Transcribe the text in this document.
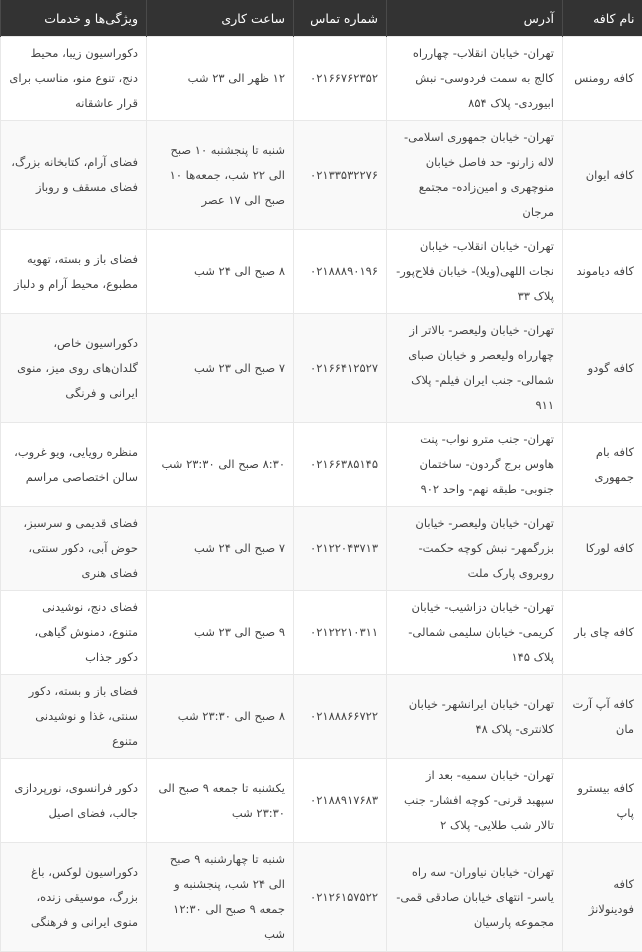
نام کافه	آدرس	شماره تماس	ساعت کاری	ویژگی‌ها و خدمات
کافه رومنس	تهران- خیابان انقلاب- چهارراه کالج به سمت فردوسی- نبش ابیوردی- پلاک ۸۵۴	۰۲۱۶۶۷۶۲۳۵۲	۱۲ ظهر الی ۲۳ شب	دکوراسیون زیبا، محیط دنج، تنوع منو، مناسب برای قرار عاشقانه
کافه ایوان	تهران- خیابان جمهوری اسلامی- لاله زارنو- حد فاصل خیابان منوچهری و امین‌زاده- مجتمع مرجان	۰۲۱۳۳۵۳۲۲۷۶	شنبه تا پنجشنبه ۱۰ صبح الی ۲۲ شب، جمعه‌ها ۱۰ صبح الی ۱۷ عصر	فضای آرام، کتابخانه بزرگ، فضای مسقف و روباز
کافه دیاموند	تهران- خیابان انقلاب- خیابان نجات اللهی(ویلا)- خیابان فلاح‌پور- پلاک ۳۳	۰۲۱۸۸۸۹۰۱۹۶	۸ صبح الی ۲۴ شب	فضای باز و بسته، تهویه مطبوع، محیط آرام و دلباز
کافه گودو	تهران- خیابان ولیعصر- بالاتر از چهارراه ولیعصر و خیابان صبای شمالی- جنب ایران فیلم- پلاک ۹۱۱	۰۲۱۶۶۴۱۲۵۲۷	۷ صبح الی ۲۳ شب	دکوراسیون خاص، گلدان‌های روی میز، منوی ایرانی و فرنگی
کافه بام جمهوری	تهران- جنب مترو نواب- پنت هاوس برج گردون- ساختمان جنوبی- طبقه نهم- واحد ۹۰۲	۰۲۱۶۶۳۸۵۱۴۵	۸:۳۰ صبح الی ۲۳:۳۰ شب	منظره رویایی، ویو غروب، سالن اختصاصی مراسم
کافه لورکا	تهران- خیابان ولیعصر- خیابان بزرگمهر- نبش کوچه حکمت- روبروی پارک ملت	۰۲۱۲۲۰۴۳۷۱۳	۷ صبح الی ۲۴ شب	فضای قدیمی و سرسبز، حوض آبی، دکور سنتی، فضای هنری
کافه چای بار	تهران- خیابان دزاشیب- خیابان کریمی- خیابان سلیمی شمالی- پلاک ۱۴۵	۰۲۱۲۲۲۱۰۳۱۱	۹ صبح الی ۲۳ شب	فضای دنج، نوشیدنی متنوع، دمنوش گیاهی، دکور جذاب
کافه آپ آرت مان	تهران- خیابان ایرانشهر- خیابان کلانتری- پلاک ۴۸	۰۲۱۸۸۸۶۶۷۲۲	۸ صبح الی ۲۳:۳۰ شب	فضای باز و بسته، دکور سنتی، غذا و نوشیدنی متنوع
کافه بیسترو پاپ	تهران- خیابان سمیه- بعد از سپهبد قرنی- کوچه افشار- جنب تالار شب طلایی- پلاک ۲	۰۲۱۸۸۹۱۷۶۸۳	یکشنبه تا جمعه ۹ صبح الی ۲۳:۳۰ شب	دکور فرانسوی، نورپردازی جالب، فضای اصیل
کافه فودینولانژ	تهران- خیابان نیاوران- سه راه یاسر- انتهای خیابان صادقی قمی- مجموعه پارسیان	۰۲۱۲۶۱۵۷۵۲۲	شنبه تا چهارشنبه ۹ صبح الی ۲۴ شب، پنجشنبه و جمعه ۹ صبح الی ۱۲:۳۰ شب	دکوراسیون لوکس، باغ بزرگ، موسیقی زنده، منوی ایرانی و فرهنگی
